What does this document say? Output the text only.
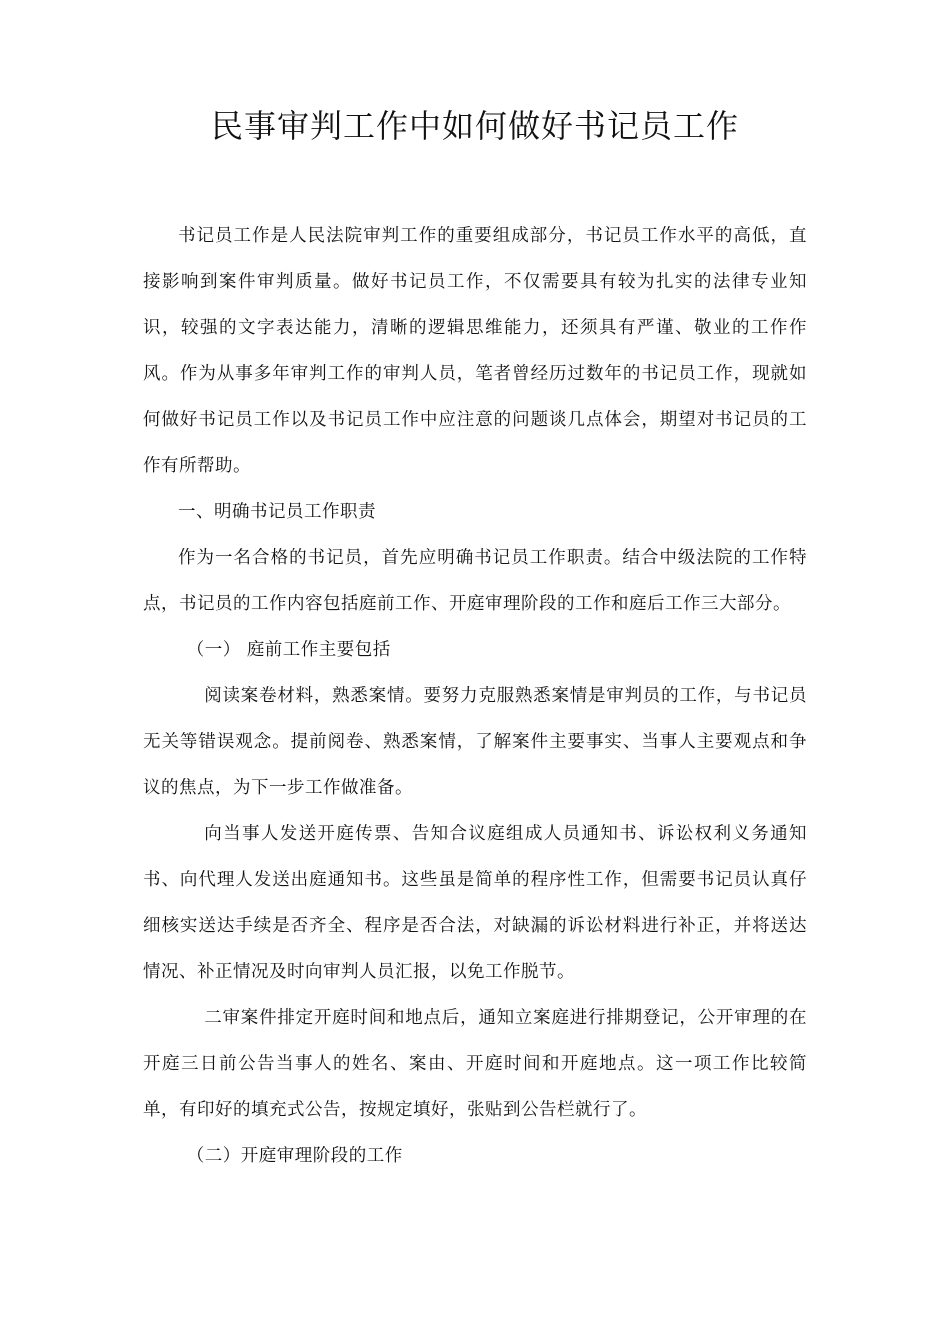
民事审判工作中如何做好书记员工作

书记员工作是人民法院审判工作的重要组成部分，书记员工作水平的高低，直接影响到案件审判质量。做好书记员工作，不仅需要具有较为扎实的法律专业知识，较强的文字表达能力，清晰的逻辑思维能力，还须具有严谨、敬业的工作作风。作为从事多年审判工作的审判人员，笔者曾经历过数年的书记员工作，现就如何做好书记员工作以及书记员工作中应注意的问题谈几点体会，期望对书记员的工作有所帮助。

一、明确书记员工作职责

作为一名合格的书记员，首先应明确书记员工作职责。结合中级法院的工作特点，书记员的工作内容包括庭前工作、开庭审理阶段的工作和庭后工作三大部分。

（一） 庭前工作主要包括

阅读案卷材料，熟悉案情。要努力克服熟悉案情是审判员的工作，与书记员无关等错误观念。提前阅卷、熟悉案情，了解案件主要事实、当事人主要观点和争议的焦点，为下一步工作做准备。

向当事人发送开庭传票、告知合议庭组成人员通知书、诉讼权利义务通知书、向代理人发送出庭通知书。这些虽是简单的程序性工作，但需要书记员认真仔细核实送达手续是否齐全、程序是否合法，对缺漏的诉讼材料进行补正，并将送达情况、补正情况及时向审判人员汇报，以免工作脱节。

二审案件排定开庭时间和地点后，通知立案庭进行排期登记，公开审理的在开庭三日前公告当事人的姓名、案由、开庭时间和开庭地点。这一项工作比较简单，有印好的填充式公告，按规定填好，张贴到公告栏就行了。

（二）开庭审理阶段的工作
